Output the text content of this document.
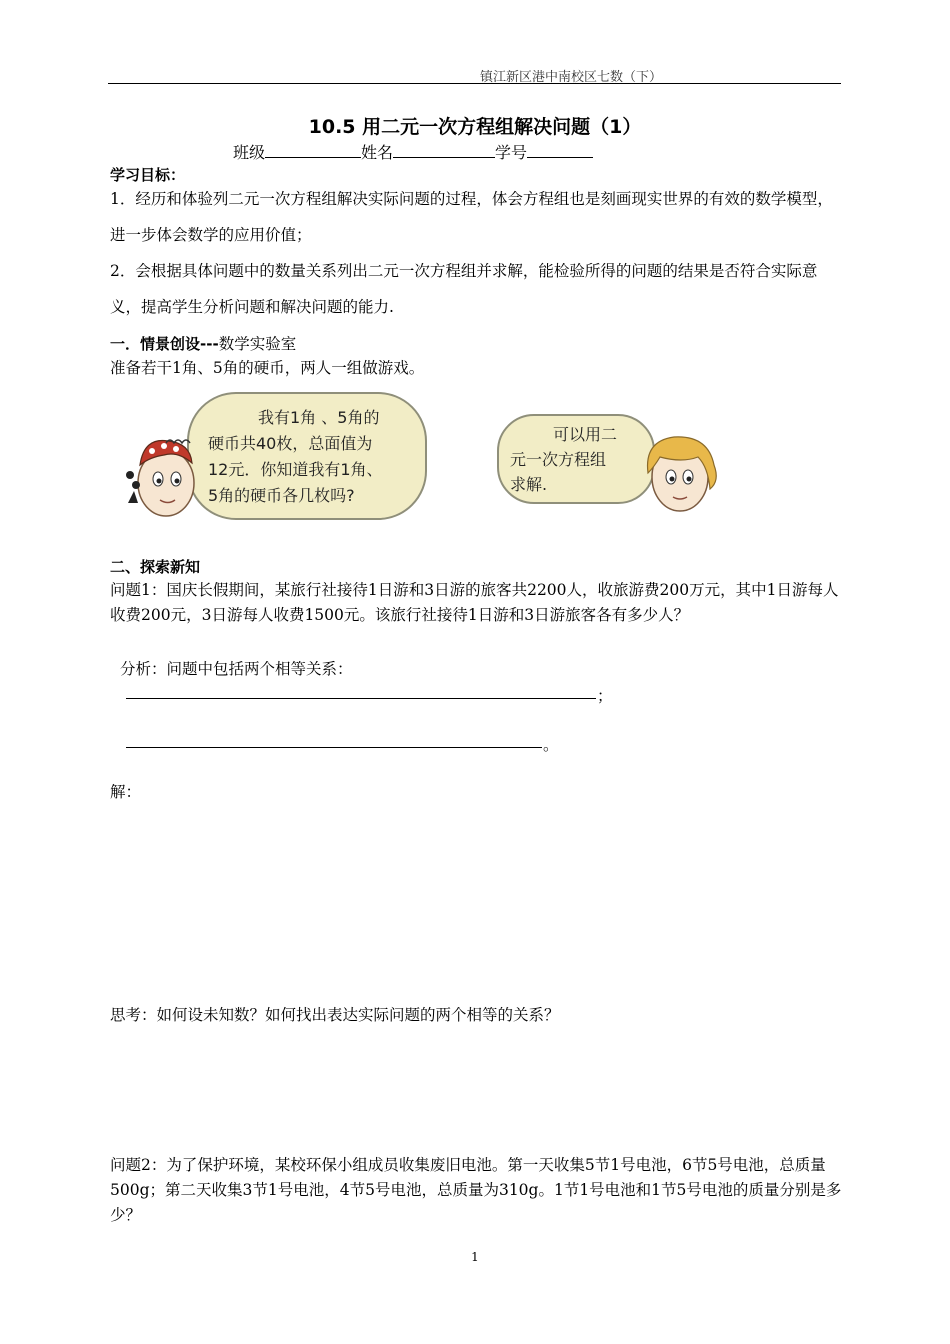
镇江新区港中南校区七数（下）
10.5 用二元一次方程组解决问题（1）
班级	姓名	学号
学习目标：
1．经历和体验列二元一次方程组解决实际问题的过程，体会方程组也是刻画现实世界的有效的数学模型，进一步体会数学的应用价值；
2．会根据具体问题中的数量关系列出二元一次方程组并求解，能检验所得的问题的结果是否符合实际意义，提高学生分析问题和解决问题的能力.
一．情景创设---数学实验室
准备若干1角、5角的硬币，两人一组做游戏。
我有1角 、5角的
硬币共40枚，总面值为
12元．你知道我有1角、
5角的硬币各几枚吗?
可以用二
元一次方程组
求解.
二、探索新知
问题1：国庆长假期间，某旅行社接待1日游和3日游的旅客共2200人，收旅游费200万元，其中1日游每人收费200元，3日游每人收费1500元。该旅行社接待1日游和3日游旅客各有多少人？
分析：问题中包括两个相等关系：
；
。
解：
思考：如何设未知数？如何找出表达实际问题的两个相等的关系？
问题2：为了保护环境，某校环保小组成员收集废旧电池。第一天收集5节1号电池，6节5号电池，总质量500g；第二天收集3节1号电池，4节5号电池，总质量为310g。1节1号电池和1节5号电池的质量分别是多少？
1
